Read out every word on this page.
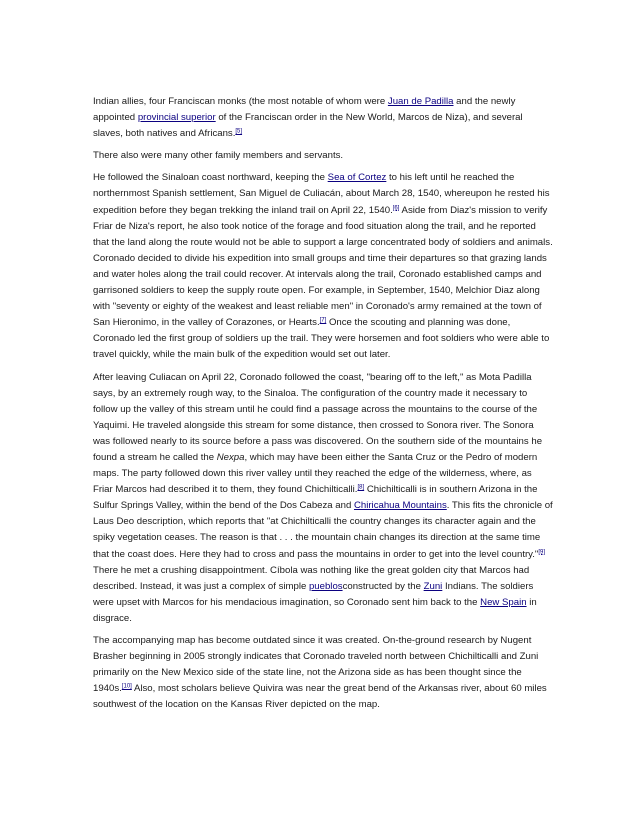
Indian allies, four Franciscan monks (the most notable of whom were Juan de Padilla and the newly appointed provincial superior of the Franciscan order in the New World, Marcos de Niza), and several slaves, both natives and Africans.[5]

There also were many other family members and servants.

He followed the Sinaloan coast northward, keeping the Sea of Cortez to his left until he reached the northernmost Spanish settlement, San Miguel de Culiacán, about March 28, 1540, whereupon he rested his expedition before they began trekking the inland trail on April 22, 1540.[6] Aside from Diaz's mission to verify Friar de Niza's report, he also took notice of the forage and food situation along the trail, and he reported that the land along the route would not be able to support a large concentrated body of soldiers and animals. Coronado decided to divide his expedition into small groups and time their departures so that grazing lands and water holes along the trail could recover. At intervals along the trail, Coronado established camps and garrisoned soldiers to keep the supply route open. For example, in September, 1540, Melchior Diaz along with "seventy or eighty of the weakest and least reliable men" in Coronado's army remained at the town of San Hieronimo, in the valley of Corazones, or Hearts.[7] Once the scouting and planning was done, Coronado led the first group of soldiers up the trail. They were horsemen and foot soldiers who were able to travel quickly, while the main bulk of the expedition would set out later.

After leaving Culiacan on April 22, Coronado followed the coast, "bearing off to the left," as Mota Padilla says, by an extremely rough way, to the Sinaloa. The configuration of the country made it necessary to follow up the valley of this stream until he could find a passage across the mountains to the course of the Yaquimi. He traveled alongside this stream for some distance, then crossed to Sonora river. The Sonora was followed nearly to its source before a pass was discovered. On the southern side of the mountains he found a stream he called the Nexpa, which may have been either the Santa Cruz or the Pedro of modern maps. The party followed down this river valley until they reached the edge of the wilderness, where, as Friar Marcos had described it to them, they found Chichilticalli.[8] Chichilticalli is in southern Arizona in the Sulfur Springs Valley, within the bend of the Dos Cabeza and Chiricahua Mountains. This fits the chronicle of Laus Deo description, which reports that "at Chichilticalli the country changes its character again and the spiky vegetation ceases. The reason is that . . . the mountain chain changes its direction at the same time that the coast does. Here they had to cross and pass the mountains in order to get into the level country."[9] There he met a crushing disappointment. Cíbola was nothing like the great golden city that Marcos had described. Instead, it was just a complex of simple pueblosconstructed by the Zuni Indians. The soldiers were upset with Marcos for his mendacious imagination, so Coronado sent him back to the New Spain in disgrace.

The accompanying map has become outdated since it was created. On-the-ground research by Nugent Brasher beginning in 2005 strongly indicates that Coronado traveled north between Chichilticalli and Zuni primarily on the New Mexico side of the state line, not the Arizona side as has been thought since the 1940s.[10] Also, most scholars believe Quivira was near the great bend of the Arkansas river, about 60 miles southwest of the location on the Kansas River depicted on the map.
